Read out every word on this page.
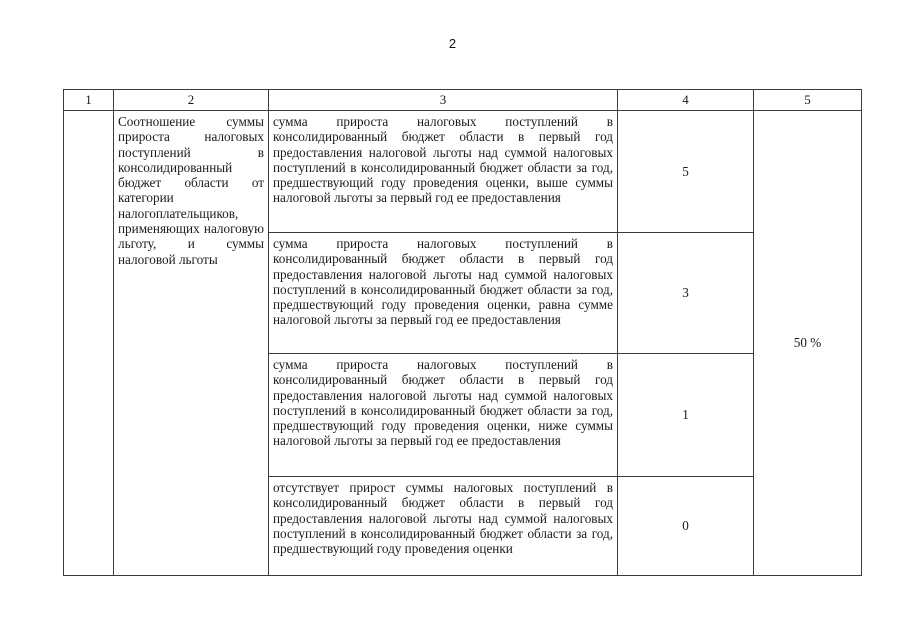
2
1	2	3	4	5

	Соотношение суммы прироста налоговых поступлений в консолидированный бюджет области от категории налогоплательщиков, применяющих налоговую льготу, и суммы налоговой льготы	сумма прироста налоговых поступлений в консолидированный бюджет области в первый год предоставления налоговой льготы над суммой налоговых поступлений в консолидированный бюджет области за год, предшествующий году проведения оценки, выше суммы налоговой льготы за первый год ее предоставления	5	50 %

		сумма прироста налоговых поступлений в консолидированный бюджет области в первый год предоставления налоговой льготы над суммой налоговых поступлений в консолидированный бюджет области за год, предшествующий году проведения оценки, равна сумме налоговой льготы за первый год ее предоставления	3	

		сумма прироста налоговых поступлений в консолидированный бюджет области в первый год предоставления налоговой льготы над суммой налоговых поступлений в консолидированный бюджет области за год, предшествующий году проведения оценки, ниже суммы налоговой льготы за первый год ее предоставления	1	

		отсутствует прирост суммы налоговых поступлений в консолидированный бюджет области в первый год предоставления налоговой льготы над суммой налоговых поступлений в консолидированный бюджет области за год, предшествующий году проведения оценки	0	
